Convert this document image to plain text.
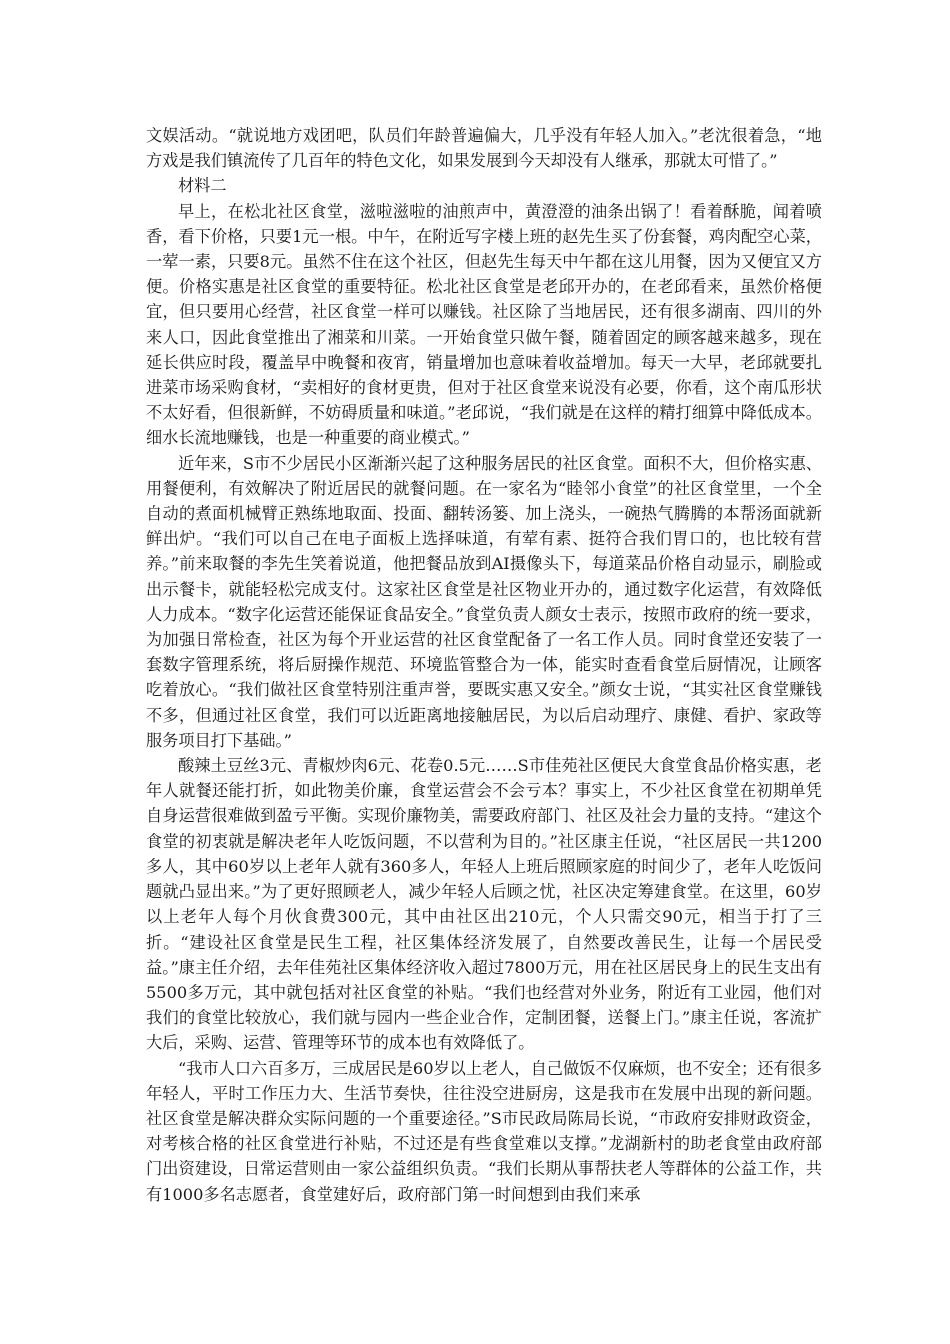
文娱活动。“就说地方戏团吧，队员们年龄普遍偏大，几乎没有年轻人加入。”老沈很着急，“地方戏是我们镇流传了几百年的特色文化，如果发展到今天却没有人继承，那就太可惜了。”

材料二

早上，在松北社区食堂，滋啦滋啦的油煎声中，黄澄澄的油条出锅了！看着酥脆，闻着喷香，看下价格，只要1元一根。中午，在附近写字楼上班的赵先生买了份套餐，鸡肉配空心菜，一荤一素，只要8元。虽然不住在这个社区，但赵先生每天中午都在这儿用餐，因为又便宜又方便。价格实惠是社区食堂的重要特征。松北社区食堂是老邱开办的，在老邱看来，虽然价格便宜，但只要用心经营，社区食堂一样可以赚钱。社区除了当地居民，还有很多湖南、四川的外来人口，因此食堂推出了湘菜和川菜。一开始食堂只做午餐，随着固定的顾客越来越多，现在延长供应时段，覆盖早中晚餐和夜宵，销量增加也意味着收益增加。每天一大早，老邱就要扎进菜市场采购食材，“卖相好的食材更贵，但对于社区食堂来说没有必要，你看，这个南瓜形状不太好看，但很新鲜，不妨碍质量和味道。”老邱说，“我们就是在这样的精打细算中降低成本。细水长流地赚钱，也是一种重要的商业模式。”

近年来，S市不少居民小区渐渐兴起了这种服务居民的社区食堂。面积不大，但价格实惠、用餐便利，有效解决了附近居民的就餐问题。在一家名为“睦邻小食堂”的社区食堂里，一个全自动的煮面机械臂正熟练地取面、投面、翻转汤篓、加上浇头，一碗热气腾腾的本帮汤面就新鲜出炉。“我们可以自己在电子面板上选择味道，有荤有素、挺符合我们胃口的，也比较有营养。”前来取餐的李先生笑着说道，他把餐品放到AI摄像头下，每道菜品价格自动显示，刷脸或出示餐卡，就能轻松完成支付。这家社区食堂是社区物业开办的，通过数字化运营，有效降低人力成本。“数字化运营还能保证食品安全。”食堂负责人颜女士表示，按照市政府的统一要求，为加强日常检查，社区为每个开业运营的社区食堂配备了一名工作人员。同时食堂还安装了一套数字管理系统，将后厨操作规范、环境监管整合为一体，能实时查看食堂后厨情况，让顾客吃着放心。“我们做社区食堂特别注重声誉，要既实惠又安全。”颜女士说，“其实社区食堂赚钱不多，但通过社区食堂，我们可以近距离地接触居民，为以后启动理疗、康健、看护、家政等服务项目打下基础。”

酸辣土豆丝3元、青椒炒肉6元、花卷0.5元……S市佳苑社区便民大食堂食品价格实惠，老年人就餐还能打折，如此物美价廉，食堂运营会不会亏本？事实上，不少社区食堂在初期单凭自身运营很难做到盈亏平衡。实现价廉物美，需要政府部门、社区及社会力量的支持。“建这个食堂的初衷就是解决老年人吃饭问题，不以营利为目的。”社区康主任说，“社区居民一共1200多人，其中60岁以上老年人就有360多人，年轻人上班后照顾家庭的时间少了，老年人吃饭问题就凸显出来。”为了更好照顾老人，减少年轻人后顾之忧，社区决定筹建食堂。在这里，60岁以上老年人每个月伙食费300元，其中由社区出210元，个人只需交90元，相当于打了三折。“建设社区食堂是民生工程，社区集体经济发展了，自然要改善民生，让每一个居民受益。”康主任介绍，去年佳苑社区集体经济收入超过7800万元，用在社区居民身上的民生支出有5500多万元，其中就包括对社区食堂的补贴。“我们也经营对外业务，附近有工业园，他们对我们的食堂比较放心，我们就与园内一些企业合作，定制团餐，送餐上门。”康主任说，客流扩大后，采购、运营、管理等环节的成本也有效降低了。

“我市人口六百多万，三成居民是60岁以上老人，自己做饭不仅麻烦，也不安全；还有很多年轻人，平时工作压力大、生活节奏快，往往没空进厨房，这是我市在发展中出现的新问题。社区食堂是解决群众实际问题的一个重要途径。”S市民政局陈局长说，“市政府安排财政资金，对考核合格的社区食堂进行补贴，不过还是有些食堂难以支撑。”龙湖新村的助老食堂由政府部门出资建设，日常运营则由一家公益组织负责。“我们长期从事帮扶老人等群体的公益工作，共有1000多名志愿者，食堂建好后，政府部门第一时间想到由我们来承
